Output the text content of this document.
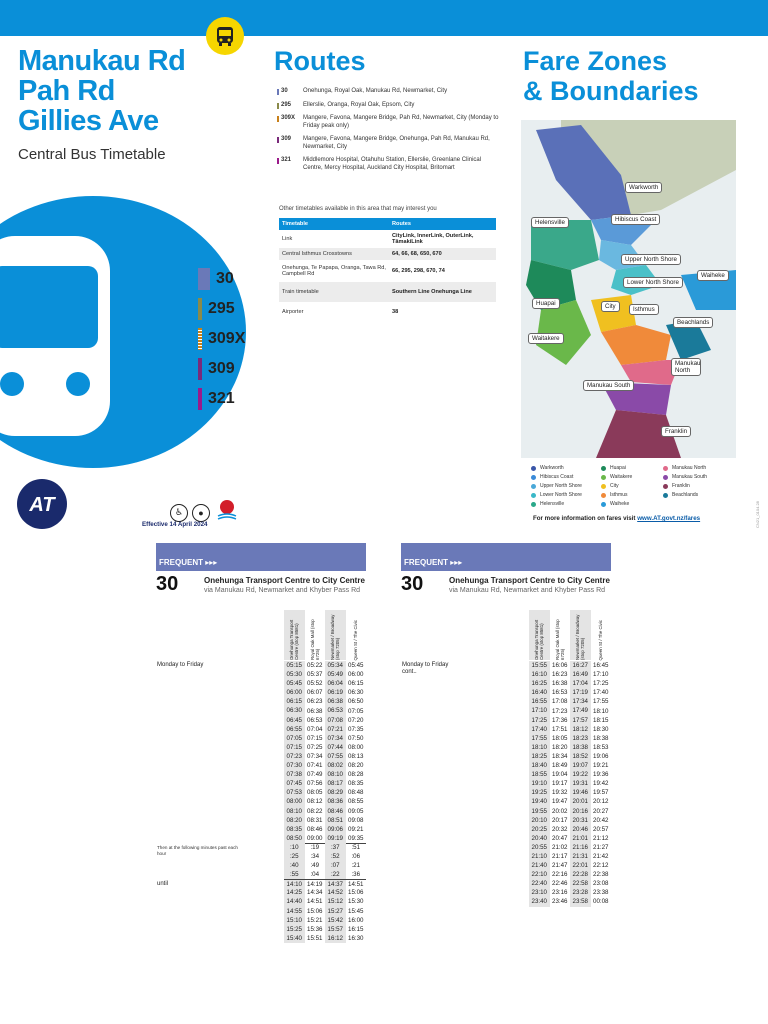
Manukau Rd
Pah Rd
Gillies Ave
Central Bus Timetable
30
295
309X
309
321
AT
Routes
30	Onehunga, Royal Oak, Manukau Rd, Newmarket, City
295 Ellerslie, Oranga, Royal Oak, Epsom, City
309X Mangere, Favona, Mangere Bridge, Pah Rd, Newmarket, City (Monday to Friday peak only)
309 Mangere, Favona, Mangere Bridge, Onehunga, Pah Rd, Manukau Rd, Newmarket, City
321 Middlemore Hospital, Otahuhu Station, Ellerslie, Greenlane Clinical Centre, Mercy Hospital, Auckland City Hospital, Britomart
Other timetables available in this area that may interest you
Timetable	Routes
Link	CityLink, InnerLink, OuterLink, TāmakiLink
Central Isthmus Crosstowns	64, 66, 68, 650, 670
Onehunga, Te Papapa, Oranga, Tawa Rd, Campbell Rd	66, 295, 298, 670, 74
Train timetable	Southern Line Onehunga Line
Airporter	38
Fare Zones
& Boundaries
Warkworth
Hibiscus Coast
Helensville
Upper North Shore
Waiheke
Lower North Shore
Huapai	City	Isthmus
Beachlands
Waitakere
Manukau North
Manukau South
Franklin
Warkworth	Huapai	Manukau North
Hibiscus Coast	Waitakere	Manukau South
Upper North Shore	City	Franklin
Lower North Shore	Isthmus	Beachlands
Helensville	Waiheke
For more information on fares visit www.AT.govt.nz/fares	CN21_0104.28
♿	●
Effective 14 April 2024
FREQUENT ▸▸▸
30	Onehunga Transport Centre to City Centre
via Manukau Rd, Newmarket and Khyber Pass Rd
Onehunga Transport Centre (stop 8581) Royal Oak Mall (stop 6725) Newmarket / Broadway (stop 7205)	Queen St / The Civic
Monday to Friday
Then at the following minutes past each hour
until
05:15 05:22 05:34 05:45
05:30 05:37 05:49 06:00
05:45 05:52 06:04 06:15
06:00 06:07 06:19 06:30
06:15 06:23 06:38 06:50
06:30 06:38 06:53 07:05
06:45 06:53 07:08 07:20
06:55 07:04 07:21 07:35
07:05 07:15 07:34 07:50
07:15 07:25 07:44 08:00
07:23 07:34 07:55 08:13
07:30 07:41 08:02 08:20
07:38 07:49 08:10 08:28
07:45 07:56 08:17 08:35
07:53 08:05 08:29 08:48
08:00 08:12 08:36 08:55
08:10 08:22 08:46 09:05
08:20 08:31 08:51 09:08
08:35 08:46 09:06 09:21
08:50 09:00 09:19 09:35
:10	:19	:37	:51
:25	:34	:52	:06
:40	:49	:07	:21
:55	:04	:22	:36
14:10 14:19 14:37 14:51
14:25 14:34 14:52 15:06
14:40 14:51 15:12 15:30
14:55 15:06 15:27 15:45
15:10 15:21 15:42 16:00
15:25 15:36 15:57 16:15
15:40 15:51 16:12 16:30
FREQUENT ▸▸▸
30	Onehunga Transport Centre to City Centre
via Manukau Rd, Newmarket and Khyber Pass Rd
Onehunga Transport Centre (stop 8581) Royal Oak Mall (stop 6725) Newmarket / Broadway (stop 7205)	Queen St / The Civic
Monday to Friday cont..
15:55 16:06 16:27 16:45
16:10 16:23 16:49 17:10
16:25 16:38 17:04 17:25
16:40 16:53 17:19 17:40
16:55 17:08 17:34 17:55
17:10 17:23 17:49 18:10
17:25 17:36 17:57 18:15
17:40 17:51 18:12 18:30
17:55 18:05 18:23 18:38
18:10 18:20 18:38 18:53
18:25 18:34 18:52 19:06
18:40 18:49 19:07 19:21
18:55 19:04 19:22 19:36
19:10 19:17 19:31 19:42
19:25 19:32 19:46 19:57
19:40 19:47 20:01 20:12
19:55 20:02 20:16 20:27
20:10 20:17 20:31 20:42
20:25 20:32 20:46 20:57
20:40 20:47 21:01 21:12
20:55 21:02 21:16 21:27
21:10 21:17 21:31 21:42
21:40 21:47 22:01 22:12
22:10 22:16 22:28 22:38
22:40 22:46 22:58 23:08
23:10 23:16 23:28 23:38
23:40 23:46 23:58 00:08
